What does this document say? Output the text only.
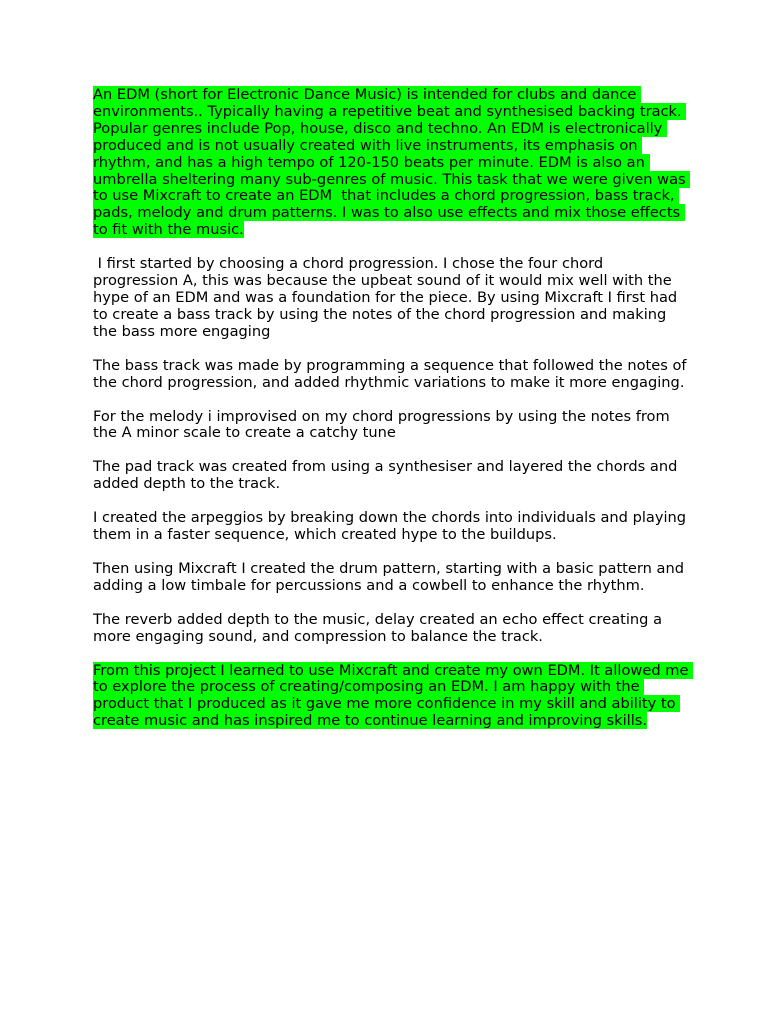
An EDM (short for Electronic Dance Music) is intended for clubs and dance environments.. Typically having a repetitive beat and synthesised backing track. Popular genres include Pop, house, disco and techno. An EDM is electronically produced and is not usually created with live instruments, its emphasis on rhythm, and has a high tempo of 120-150 beats per minute. EDM is also an umbrella sheltering many sub-genres of music. This task that we were given was to use Mixcraft to create an EDM  that includes a chord progression, bass track, pads, melody and drum patterns. I was to also use effects and mix those effects to fit with the music.

I first started by choosing a chord progression. I chose the four chord progression A, this was because the upbeat sound of it would mix well with the hype of an EDM and was a foundation for the piece. By using Mixcraft I first had to create a bass track by using the notes of the chord progression and making the bass more engaging

The bass track was made by programming a sequence that followed the notes of the chord progression, and added rhythmic variations to make it more engaging.

For the melody i improvised on my chord progressions by using the notes from the A minor scale to create a catchy tune

The pad track was created from using a synthesiser and layered the chords and added depth to the track.

I created the arpeggios by breaking down the chords into individuals and playing them in a faster sequence, which created hype to the buildups.

Then using Mixcraft I created the drum pattern, starting with a basic pattern and adding a low timbale for percussions and a cowbell to enhance the rhythm.

The reverb added depth to the music, delay created an echo effect creating a more engaging sound, and compression to balance the track.

From this project I learned to use Mixcraft and create my own EDM. It allowed me to explore the process of creating/composing an EDM. I am happy with the product that I produced as it gave me more confidence in my skill and ability to create music and has inspired me to continue learning and improving skills.
